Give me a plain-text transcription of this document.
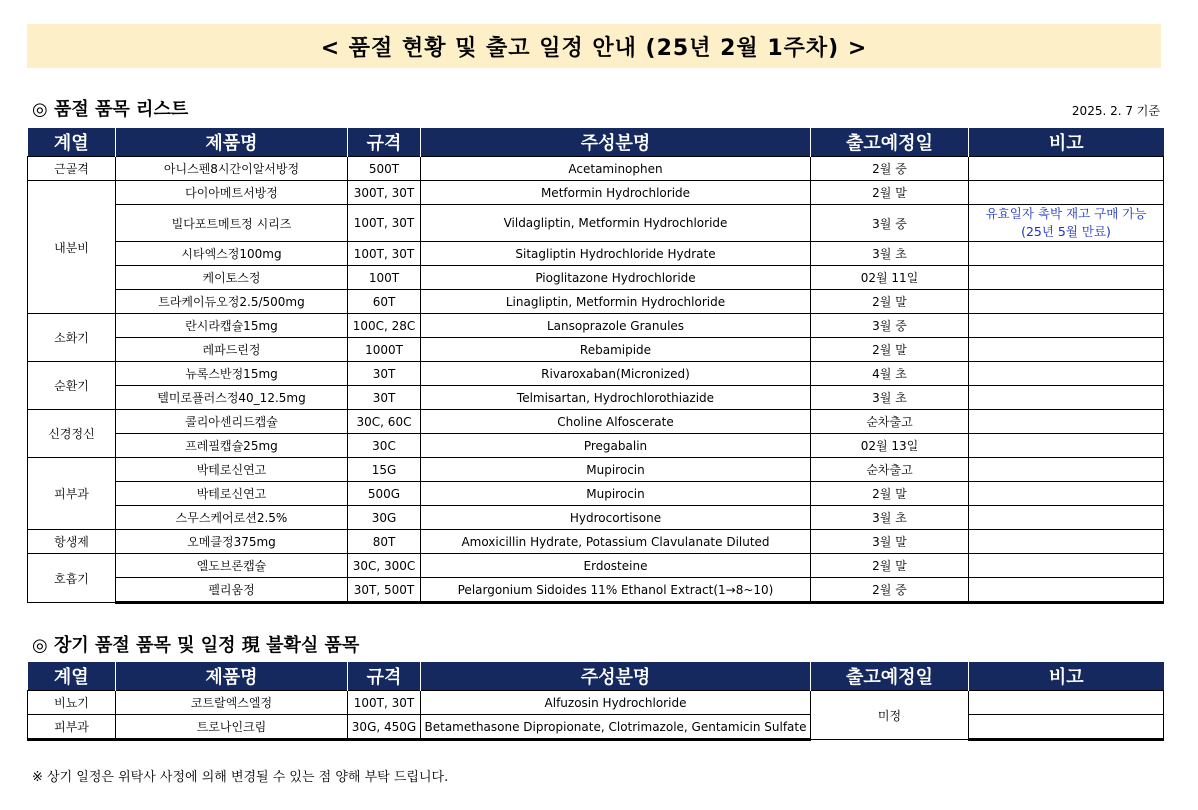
< 품절 현황 및 출고 일정 안내 (25년 2월 1주차) >
◎ 품절 품목 리스트	2025. 2. 7 기준
계열	제품명	규격	주성분명	출고예정일	비고
근골격	아니스펜8시간이알서방정	500T	Acetaminophen	2월 중	
내분비	다이아메트서방정	300T, 30T	Metformin Hydrochloride	2월 말	
	빌다포트메트정 시리즈	100T, 30T	Vildagliptin, Metformin Hydrochloride	3월 중	유효일자 촉박 재고 구매 가능
(25년 5월 만료)
	시타엑스정100mg	100T, 30T	Sitagliptin Hydrochloride Hydrate	3월 초	
	케이토스정	100T	Pioglitazone Hydrochloride	02월 11일	
	트라케이듀오정2.5/500mg	60T	Linagliptin, Metformin Hydrochloride	2월 말	
소화기	란시라캡슐15mg	100C, 28C	Lansoprazole Granules	3월 중	
	레파드린정	1000T	Rebamipide	2월 말	
순환기	뉴록스반정15mg	30T	Rivaroxaban(Micronized)	4월 초	
	텔미로플러스정40_12.5mg	30T	Telmisartan, Hydrochlorothiazide	3월 초	
신경정신	콜리아센리드캡슐	30C, 60C	Choline Alfoscerate	순차출고	
	프레필캡슐25mg	30C	Pregabalin	02월 13일	
피부과	박테로신연고	15G	Mupirocin	순차출고	
	박테로신연고	500G	Mupirocin	2월 말	
	스무스케어로션2.5%	30G	Hydrocortisone	3월 초	
항생제	오메클정375mg	80T	Amoxicillin Hydrate, Potassium Clavulanate Diluted	3월 말	
호흡기	엘도브론캡슐	30C, 300C	Erdosteine	2월 말	
	펠리움정	30T, 500T	Pelargonium Sidoides 11% Ethanol Extract(1→8~10)	2월 중	
◎ 장기 품절 품목 및 일정 現 불확실 품목
계열	제품명	규격	주성분명	출고예정일	비고
비뇨기	코트랄엑스엘정	100T, 30T	Alfuzosin Hydrochloride	미정	
피부과	트로나인크림	30G, 450G	Betamethasone Dipropionate, Clotrimazole, Gentamicin Sulfate		
※ 상기 일정은 위탁사 사정에 의해 변경될 수 있는 점 양해 부탁 드립니다.
